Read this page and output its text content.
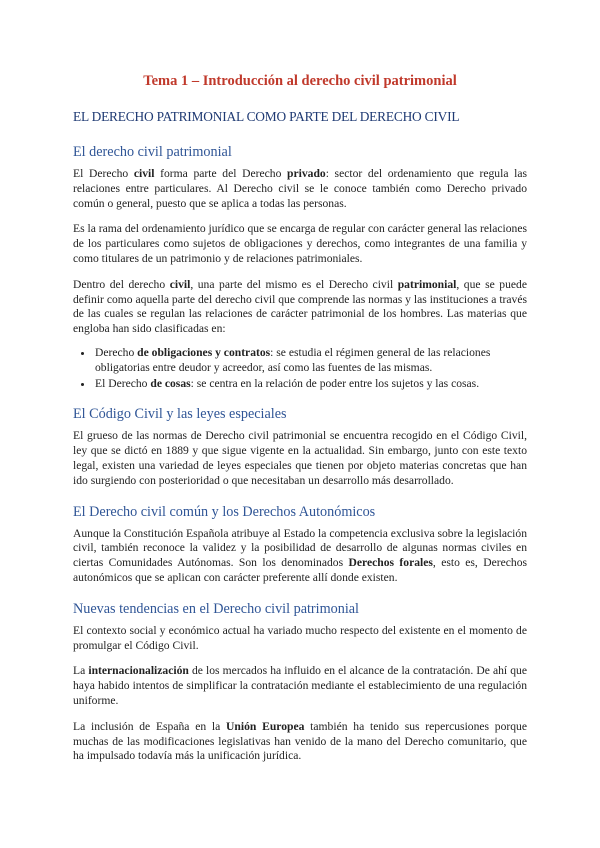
Tema 1 – Introducción al derecho civil patrimonial
EL DERECHO PATRIMONIAL COMO PARTE DEL DERECHO CIVIL
El derecho civil patrimonial

El Derecho civil forma parte del Derecho privado: sector del ordenamiento que regula las relaciones entre particulares. Al Derecho civil se le conoce también como Derecho privado común o general, puesto que se aplica a todas las personas.

Es la rama del ordenamiento jurídico que se encarga de regular con carácter general las relaciones de los particulares como sujetos de obligaciones y derechos, como integrantes de una familia y como titulares de un patrimonio y de relaciones patrimoniales.

Dentro del derecho civil, una parte del mismo es el Derecho civil patrimonial, que se puede definir como aquella parte del derecho civil que comprende las normas y las instituciones a través de las cuales se regulan las relaciones de carácter patrimonial de los hombres. Las materias que engloba han sido clasificadas en:

• Derecho de obligaciones y contratos: se estudia el régimen general de las relaciones obligatorias entre deudor y acreedor, así como las fuentes de las mismas.
• El Derecho de cosas: se centra en la relación de poder entre los sujetos y las cosas.
El Código Civil y las leyes especiales

El grueso de las normas de Derecho civil patrimonial se encuentra recogido en el Código Civil, ley que se dictó en 1889 y que sigue vigente en la actualidad. Sin embargo, junto con este texto legal, existen una variedad de leyes especiales que tienen por objeto materias concretas que han ido surgiendo con posterioridad o que necesitaban un desarrollo más desarrollado.

El Derecho civil común y los Derechos Autonómicos

Aunque la Constitución Española atribuye al Estado la competencia exclusiva sobre la legislación civil, también reconoce la validez y la posibilidad de desarrollo de algunas normas civiles en ciertas Comunidades Autónomas. Son los denominados Derechos forales, esto es, Derechos autonómicos que se aplican con carácter preferente allí donde existen.

Nuevas tendencias en el Derecho civil patrimonial

El contexto social y económico actual ha variado mucho respecto del existente en el momento de promulgar el Código Civil.

La internacionalización de los mercados ha influido en el alcance de la contratación. De ahí que haya habido intentos de simplificar la contratación mediante el establecimiento de una regulación uniforme.

La inclusión de España en la Unión Europea también ha tenido sus repercusiones porque muchas de las modificaciones legislativas han venido de la mano del Derecho comunitario, que ha impulsado todavía más la unificación jurídica.
